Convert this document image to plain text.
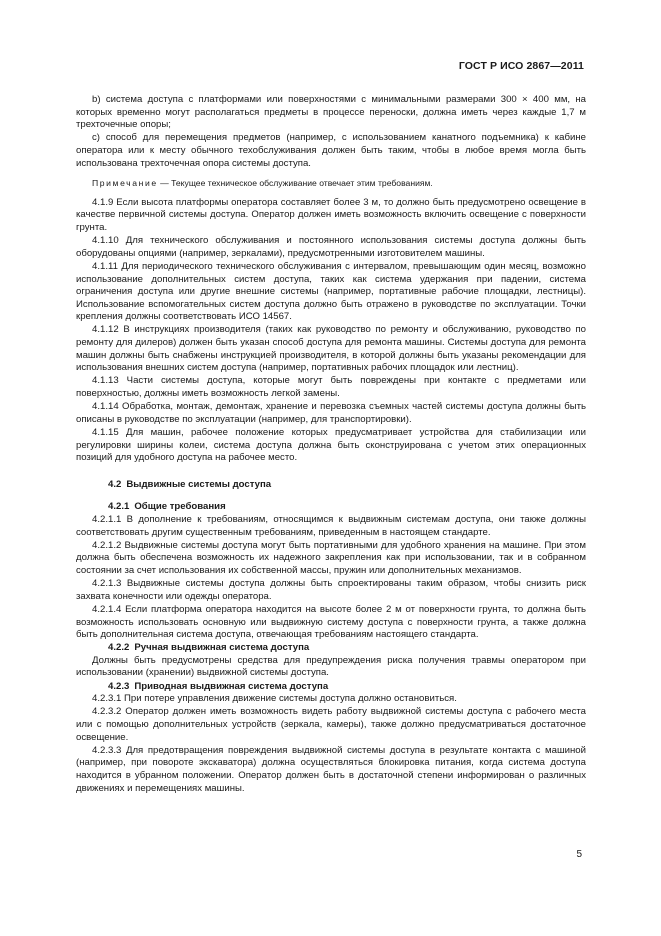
ГОСТ Р ИСО 2867—2011

b) система доступа с платформами или поверхностями с минимальными размерами 300 × 400 мм, на которых временно могут располагаться предметы в процессе переноски, должна иметь через каждые 1,7 м трехточечные опоры;

с) способ для перемещения предметов (например, с использованием канатного подъемника) к кабине оператора или к месту обычного техобслуживания должен быть таким, чтобы в любое время могла быть использована трехточечная опора системы доступа.

Примечание — Текущее техническое обслуживание отвечает этим требованиям.

4.1.9 Если высота платформы оператора составляет более 3 м, то должно быть предусмотрено освещение в качестве первичной системы доступа. Оператор должен иметь возможность включить освещение с поверхности грунта.

4.1.10 Для технического обслуживания и постоянного использования системы доступа должны быть оборудованы опциями (например, зеркалами), предусмотренными изготовителем машины.

4.1.11 Для периодического технического обслуживания с интервалом, превышающим один месяц, возможно использование дополнительных систем доступа, таких как система удержания при падении, система ограничения доступа или другие внешние системы (например, портативные рабочие площадки, лестницы). Использование вспомогательных систем доступа должно быть отражено в руководстве по эксплуатации. Точки крепления должны соответствовать ИСО 14567.

4.1.12 В инструкциях производителя (таких как руководство по ремонту и обслуживанию, руководство по ремонту для дилеров) должен быть указан способ доступа для ремонта машины. Системы доступа для ремонта машин должны быть снабжены инструкцией производителя, в которой должны быть указаны рекомендации для использования внешних систем доступа (например, портативных рабочих площадок или лестниц).

4.1.13 Части системы доступа, которые могут быть повреждены при контакте с предметами или поверхностью, должны иметь возможность легкой замены.

4.1.14 Обработка, монтаж, демонтаж, хранение и перевозка съемных частей системы доступа должны быть описаны в руководстве по эксплуатации (например, для транспортировки).

4.1.15 Для машин, рабочее положение которых предусматривает устройства для стабилизации или регулировки ширины колеи, система доступа должна быть сконструирована с учетом этих операционных позиций для удобного доступа на рабочее место.

4.2 Выдвижные системы доступа

4.2.1 Общие требования

4.2.1.1 В дополнение к требованиям, относящимся к выдвижным системам доступа, они также должны соответствовать другим существенным требованиям, приведенным в настоящем стандарте.

4.2.1.2 Выдвижные системы доступа могут быть портативными для удобного хранения на машине. При этом должна быть обеспечена возможность их надежного закрепления как при использовании, так и в собранном состоянии за счет использования их собственной массы, пружин или дополнительных механизмов.

4.2.1.3 Выдвижные системы доступа должны быть спроектированы таким образом, чтобы снизить риск захвата конечности или одежды оператора.

4.2.1.4 Если платформа оператора находится на высоте более 2 м от поверхности грунта, то должна быть возможность использовать основную или выдвижную систему доступа с поверхности грунта, а также должна быть дополнительная система доступа, отвечающая требованиям настоящего стандарта.

4.2.2 Ручная выдвижная система доступа

Должны быть предусмотрены средства для предупреждения риска получения травмы оператором при использовании (хранении) выдвижной системы доступа.

4.2.3 Приводная выдвижная система доступа

4.2.3.1 При потере управления движение системы доступа должно остановиться.

4.2.3.2 Оператор должен иметь возможность видеть работу выдвижной системы доступа с рабочего места или с помощью дополнительных устройств (зеркала, камеры), также должно предусматриваться достаточное освещение.

4.2.3.3 Для предотвращения повреждения выдвижной системы доступа в результате контакта с машиной (например, при повороте экскаватора) должна осуществляться блокировка питания, когда система доступа находится в убранном положении. Оператор должен быть в достаточной степени информирован о различных движениях и перемещениях машины.

5
